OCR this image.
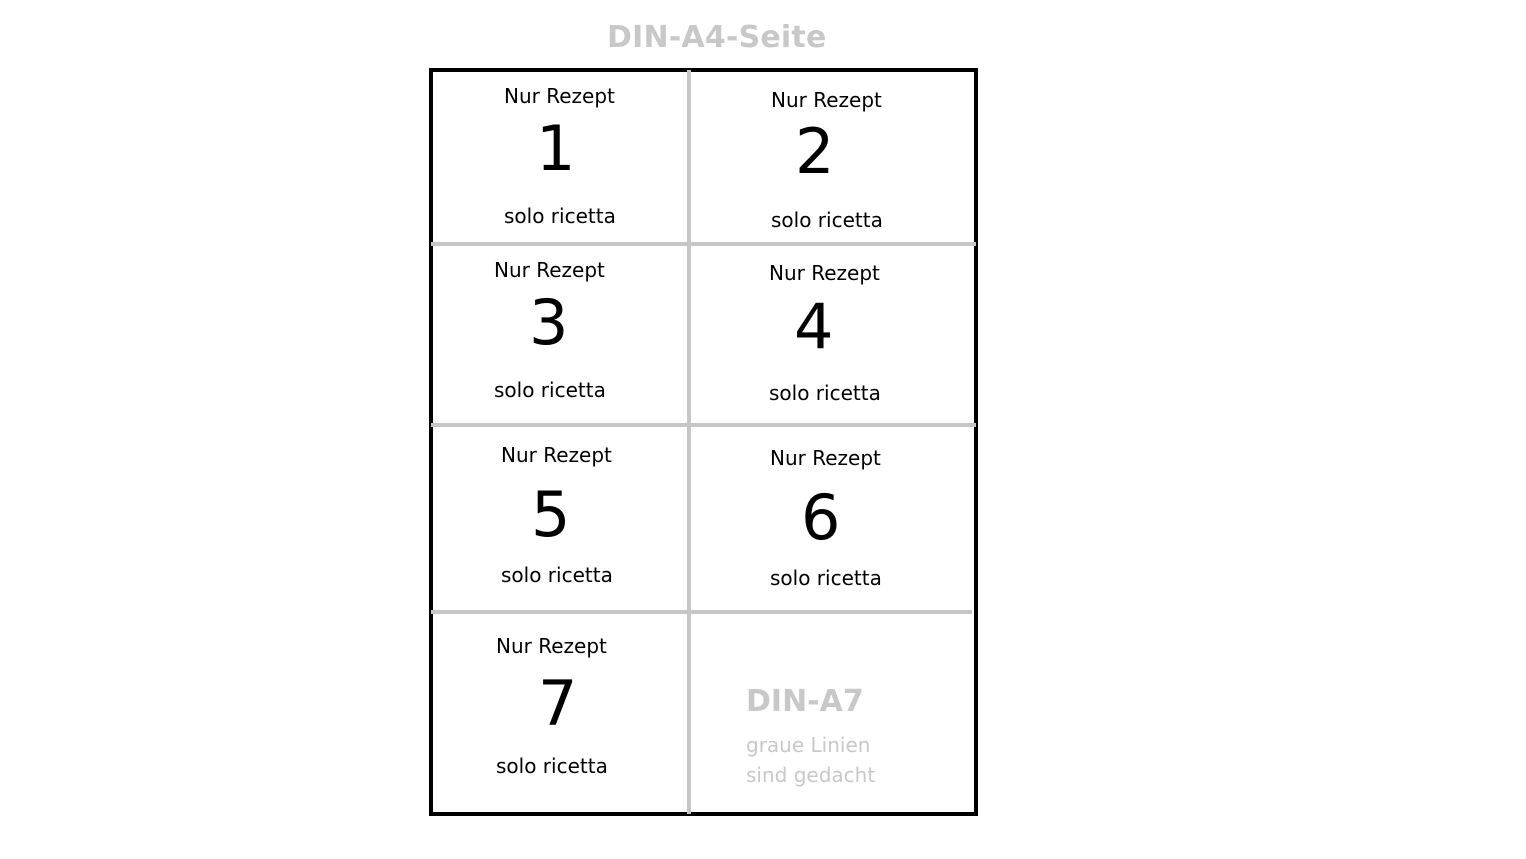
DIN-A4-Seite
Nur Rezept
1
solo ricetta
Nur Rezept
2
solo ricetta
Nur Rezept
3
solo ricetta
Nur Rezept
4
solo ricetta
Nur Rezept
5
solo ricetta
Nur Rezept
6
solo ricetta
Nur Rezept
7
solo ricetta
DIN-A7
graue Linien
sind gedacht
